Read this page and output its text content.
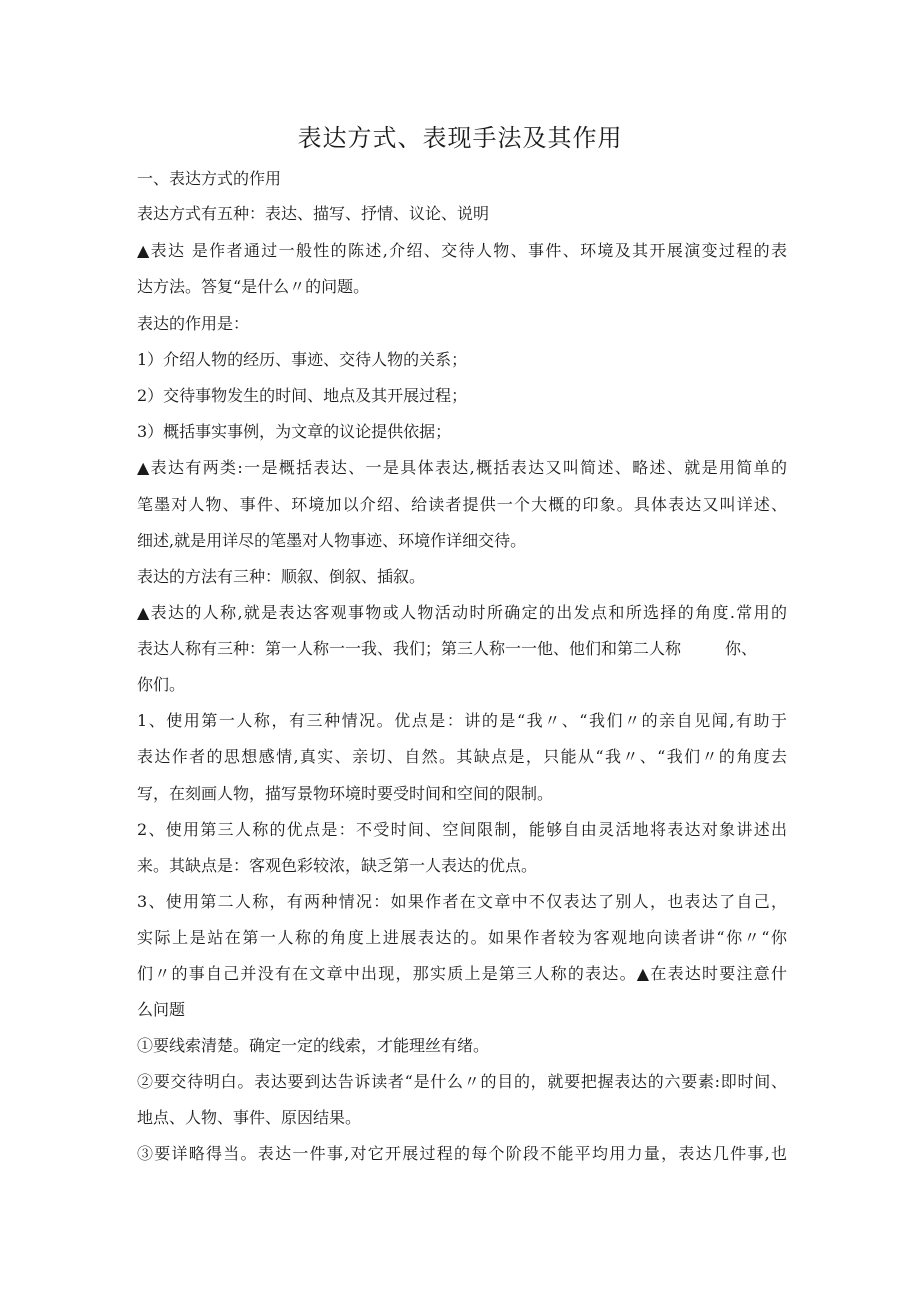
表达方式、表现手法及其作用
一、表达方式的作用
表达方式有五种：表达、描写、抒情、议论、说明
▲表达 是作者通过一般性的陈述,介绍、交待人物、事件、环境及其开展演变过程的表
达方法。答复“是什么〃的问题。
表达的作用是：
1）介绍人物的经历、事迹、交待人物的关系；
2）交待事物发生的时间、地点及其开展过程；
3）概括事实事例，为文章的议论提供依据；
▲表达有两类:一是概括表达、一是具体表达,概括表达又叫简述、略述、就是用简单的
笔墨对人物、事件、环境加以介绍、给读者提供一个大概的印象。具体表达又叫详述、
细述,就是用详尽的笔墨对人物事迹、环境作详细交待。
表达的方法有三种：顺叙、倒叙、插叙。
▲表达的人称,就是表达客观事物或人物活动时所确定的出发点和所选择的角度.常用的
表达人称有三种：第一人称一一我、我们；第三人称一一他、他们和第二人称	你、
你们。
1、使用第一人称，有三种情况。优点是：讲的是“我〃、“我们〃的亲自见闻,有助于
表达作者的思想感情,真实、亲切、自然。其缺点是，只能从“我〃、“我们〃的角度去
写，在刻画人物，描写景物环境时要受时间和空间的限制。
2、使用第三人称的优点是：不受时间、空间限制，能够自由灵活地将表达对象讲述出
来。其缺点是：客观色彩较浓，缺乏第一人表达的优点。
3、使用第二人称，有两种情况：如果作者在文章中不仅表达了别人，也表达了自己，
实际上是站在第一人称的角度上进展表达的。如果作者较为客观地向读者讲“你〃“你
们〃的事自己并没有在文章中出现，那实质上是第三人称的表达。▲在表达时要注意什
么问题
①要线索清楚。确定一定的线索，才能理丝有绪。
②要交待明白。表达要到达告诉读者“是什么〃的目的，就要把握表达的六要素:即时间、
地点、人物、事件、原因结果。
③要详略得当。表达一件事,对它开展过程的每个阶段不能平均用力量，表达几件事,也
